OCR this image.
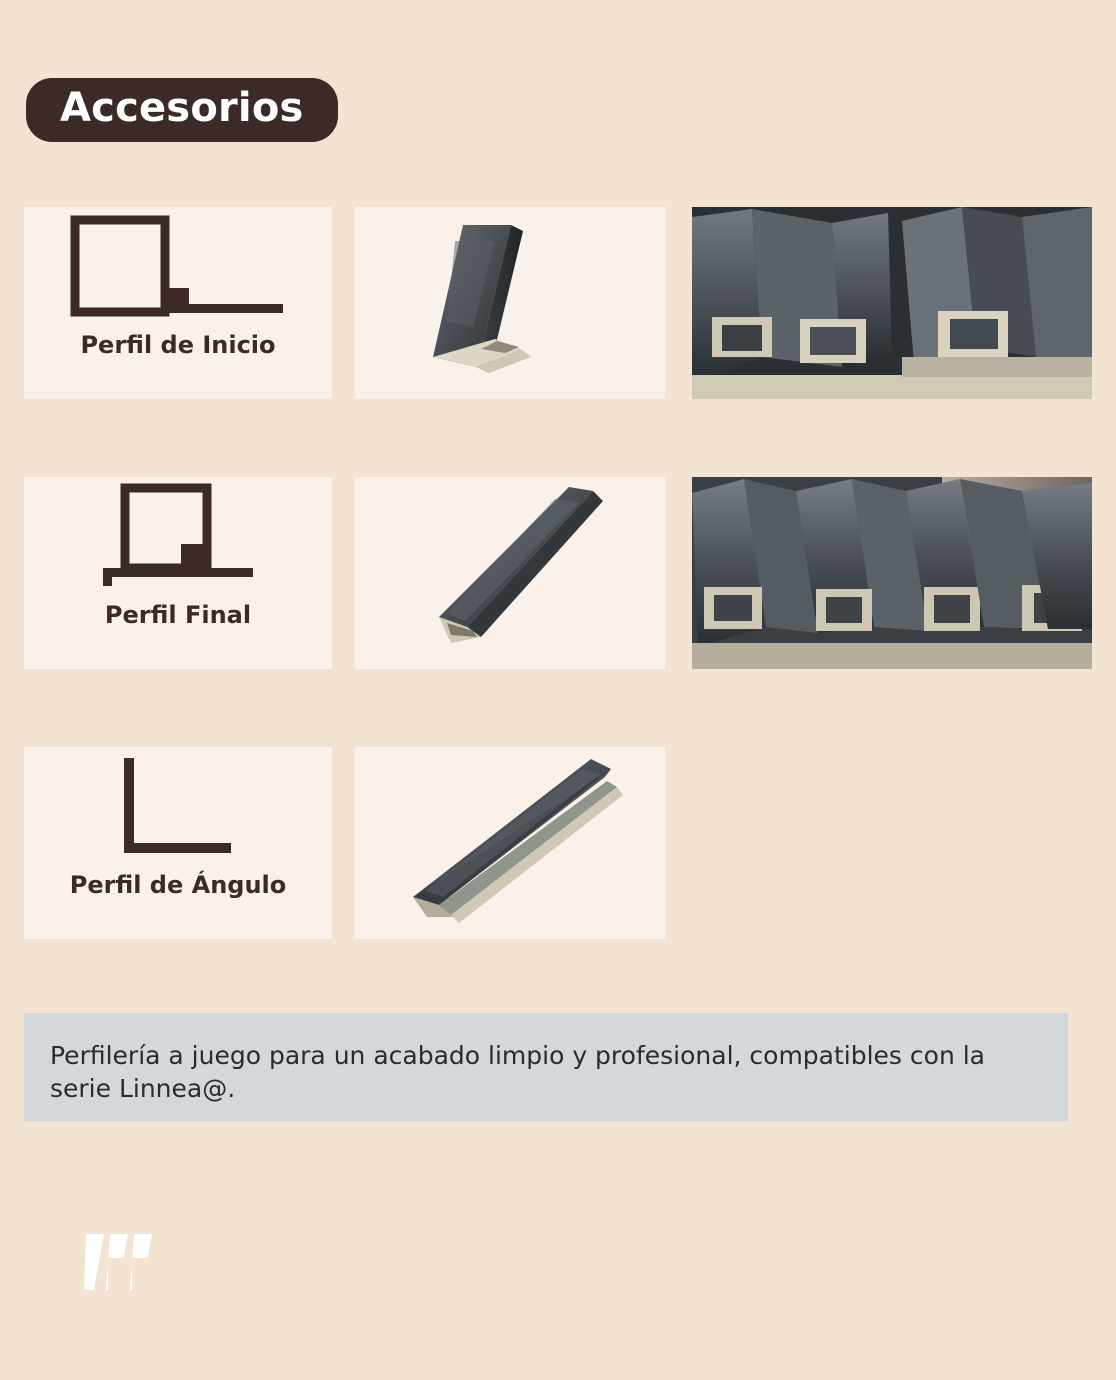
Accesorios
Perfil de Inicio
Perfil Final
Perfil de Ángulo

Perfilería a juego para un acabado limpio y profesional, compatibles con la serie Linnea@.
